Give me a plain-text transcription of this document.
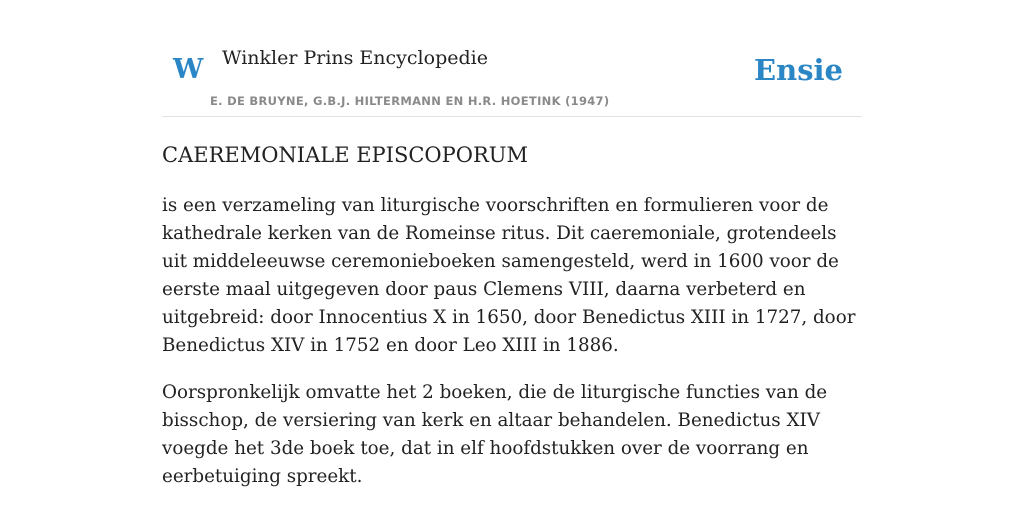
W Winkler Prins Encyclopedie
E. DE BRUYNE, G.B.J. HILTERMANN EN H.R. HOETINK (1947)
Ensie
CAEREMONIALE EPISCOPORUM

is een verzameling van liturgische voorschriften en formulieren voor de kathedrale kerken van de Romeinse ritus. Dit caeremoniale, grotendeels uit middeleeuwse ceremonieboeken samengesteld, werd in 1600 voor de eerste maal uitgegeven door paus Clemens VIII, daarna verbeterd en uitgebreid: door Innocentius X in 1650, door Benedictus XIII in 1727, door Benedictus XIV in 1752 en door Leo XIII in 1886.

Oorspronkelijk omvatte het 2 boeken, die de liturgische functies van de bisschop, de versiering van kerk en altaar behandelen. Benedictus XIV voegde het 3de boek toe, dat in elf hoofdstukken over de voorrang en eerbetuiging spreekt.
